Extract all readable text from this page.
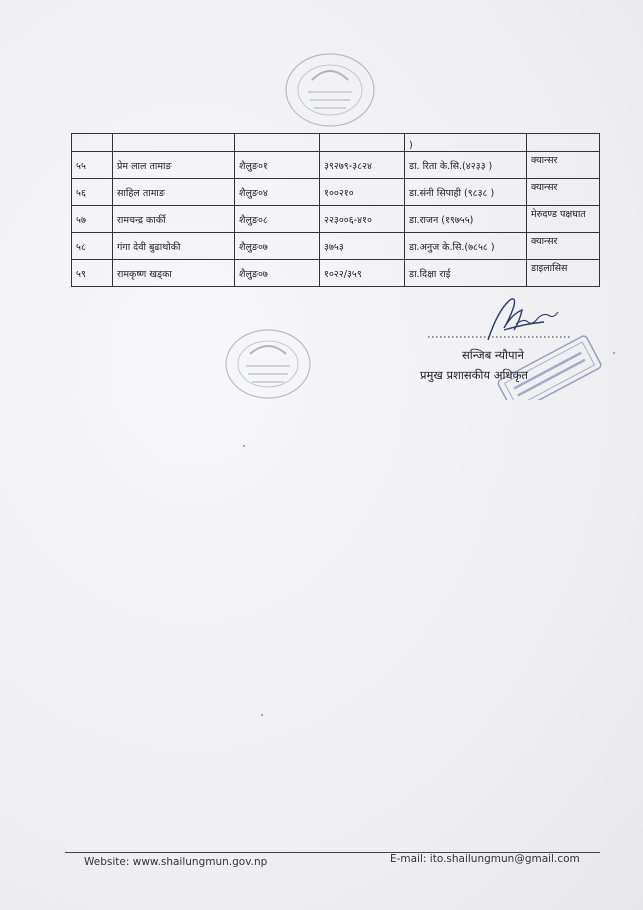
				)	
५५	प्रेम लाल तामाङ	शैलुङ०१	३९२७९-३८२४	डा. रिता के.सि.(४२३३ )	क्यान्सर
५६	साहिल तामाङ	शैलुङ०४	१००२१०	डा.संनी सिपाही (९८३८ )	क्यान्सर
५७	रामचन्द्र कार्की	शैलुङ०८	२२३००६-४१०	डा.राजन (१९७५५)	मेरुदण्ड पक्षघात
५८	गंगा देवी बुढाथोकी	शैलुङ०७	३७५३	डा.अनुज के.सि.(७८५८ )	क्यान्सर
५९	रामकृष्ण खड्का	शैलुङ०७	१०२२/३५९	डा.दिक्षा राई	डाइलासिस
सन्जिब न्यौपाने
प्रमुख प्रशासकीय अधिकृत
Website: www.shailungmun.gov.np	E-mail: ito.shailungmun@gmail.com
